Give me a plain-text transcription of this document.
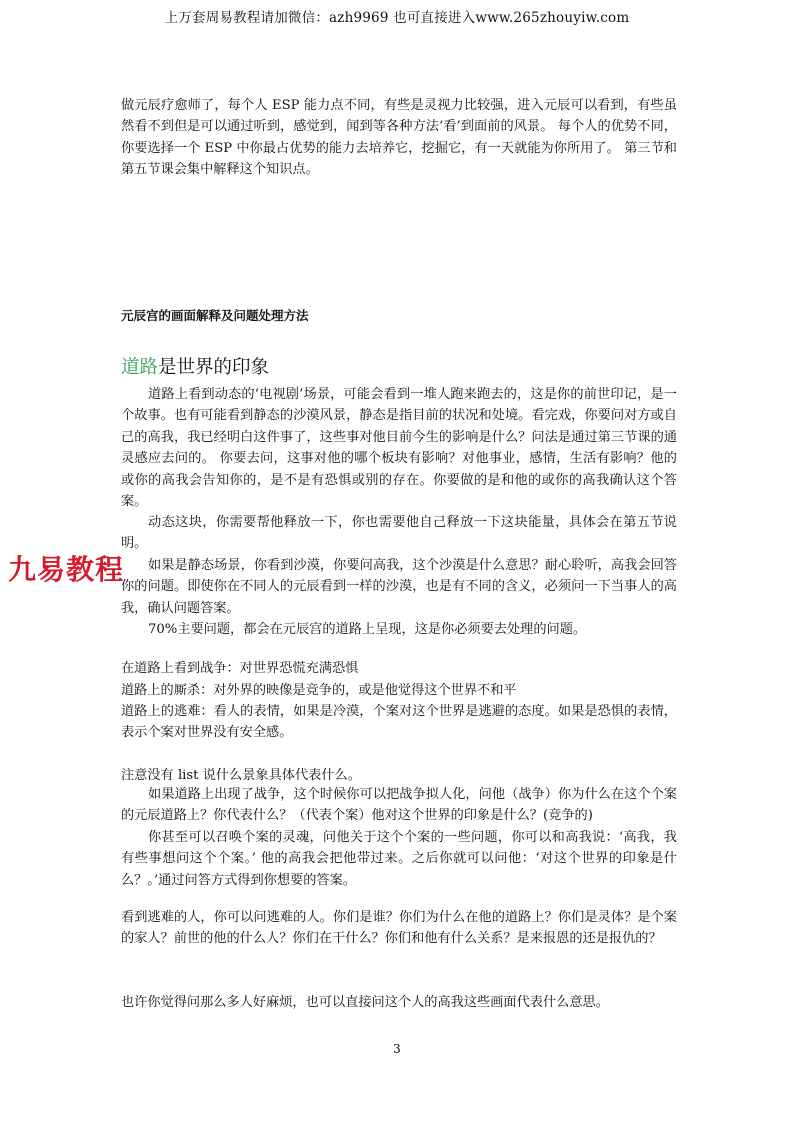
上万套周易教程请加微信：azh9969 也可直接进入www.265zhouyiw.com

做元辰疗愈师了，每个人 ESP 能力点不同，有些是灵视力比较强，进入元辰可以看到，有些虽然看不到但是可以通过听到，感觉到，闻到等各种方法‘看’到面前的风景。 每个人的优势不同，你要选择一个 ESP 中你最占优势的能力去培养它，挖掘它，有一天就能为你所用了。 第三节和第五节课会集中解释这个知识点。

元辰宫的画面解释及问题处理方法
道路是世界的印象

道路上看到动态的‘电视剧’场景，可能会看到一堆人跑来跑去的，这是你的前世印记，是一个故事。也有可能看到静态的沙漠风景，静态是指目前的状况和处境。看完戏，你要问对方或自己的高我，我已经明白这件事了，这些事对他目前今生的影响是什么？问法是通过第三节课的通灵感应去问的。 你要去问，这事对他的哪个板块有影响？对他事业，感情，生活有影响？他的或你的高我会告知你的，是不是有恐惧或别的存在。你要做的是和他的或你的高我确认这个答案。

动态这块，你需要帮他释放一下，你也需要他自己释放一下这块能量，具体会在第五节说明。

如果是静态场景，你看到沙漠，你要问高我，这个沙漠是什么意思？耐心聆听，高我会回答你的问题。即使你在不同人的元辰看到一样的沙漠，也是有不同的含义，必须问一下当事人的高我，确认问题答案。

70%主要问题，都会在元辰宫的道路上呈现，这是你必须要去处理的问题。

在道路上看到战争：对世界恐慌充满恐惧

道路上的厮杀：对外界的映像是竞争的，或是他觉得这个世界不和平

道路上的逃难：看人的表情，如果是冷漠，个案对这个世界是逃避的态度。如果是恐惧的表情，表示个案对世界没有安全感。

注意没有 list 说什么景象具体代表什么。

如果道路上出现了战争，这个时候你可以把战争拟人化，问他（战争）你为什么在这个个案的元辰道路上？你代表什么？（代表个案）他对这个世界的印象是什么？(竞争的)

你甚至可以召唤个案的灵魂，问他关于这个个案的一些问题，你可以和高我说：‘高我，我有些事想问这个个案。’ 他的高我会把他带过来。之后你就可以问他：‘对这个世界的印象是什么？。’通过问答方式得到你想要的答案。

看到逃难的人，你可以问逃难的人。你们是谁？你们为什么在他的道路上？你们是灵体？是个案的家人？前世的他的什么人？你们在干什么？你们和他有什么关系？是来报恩的还是报仇的？

也许你觉得问那么多人好麻烦，也可以直接问这个人的高我这些画面代表什么意思。

九易教程
3
